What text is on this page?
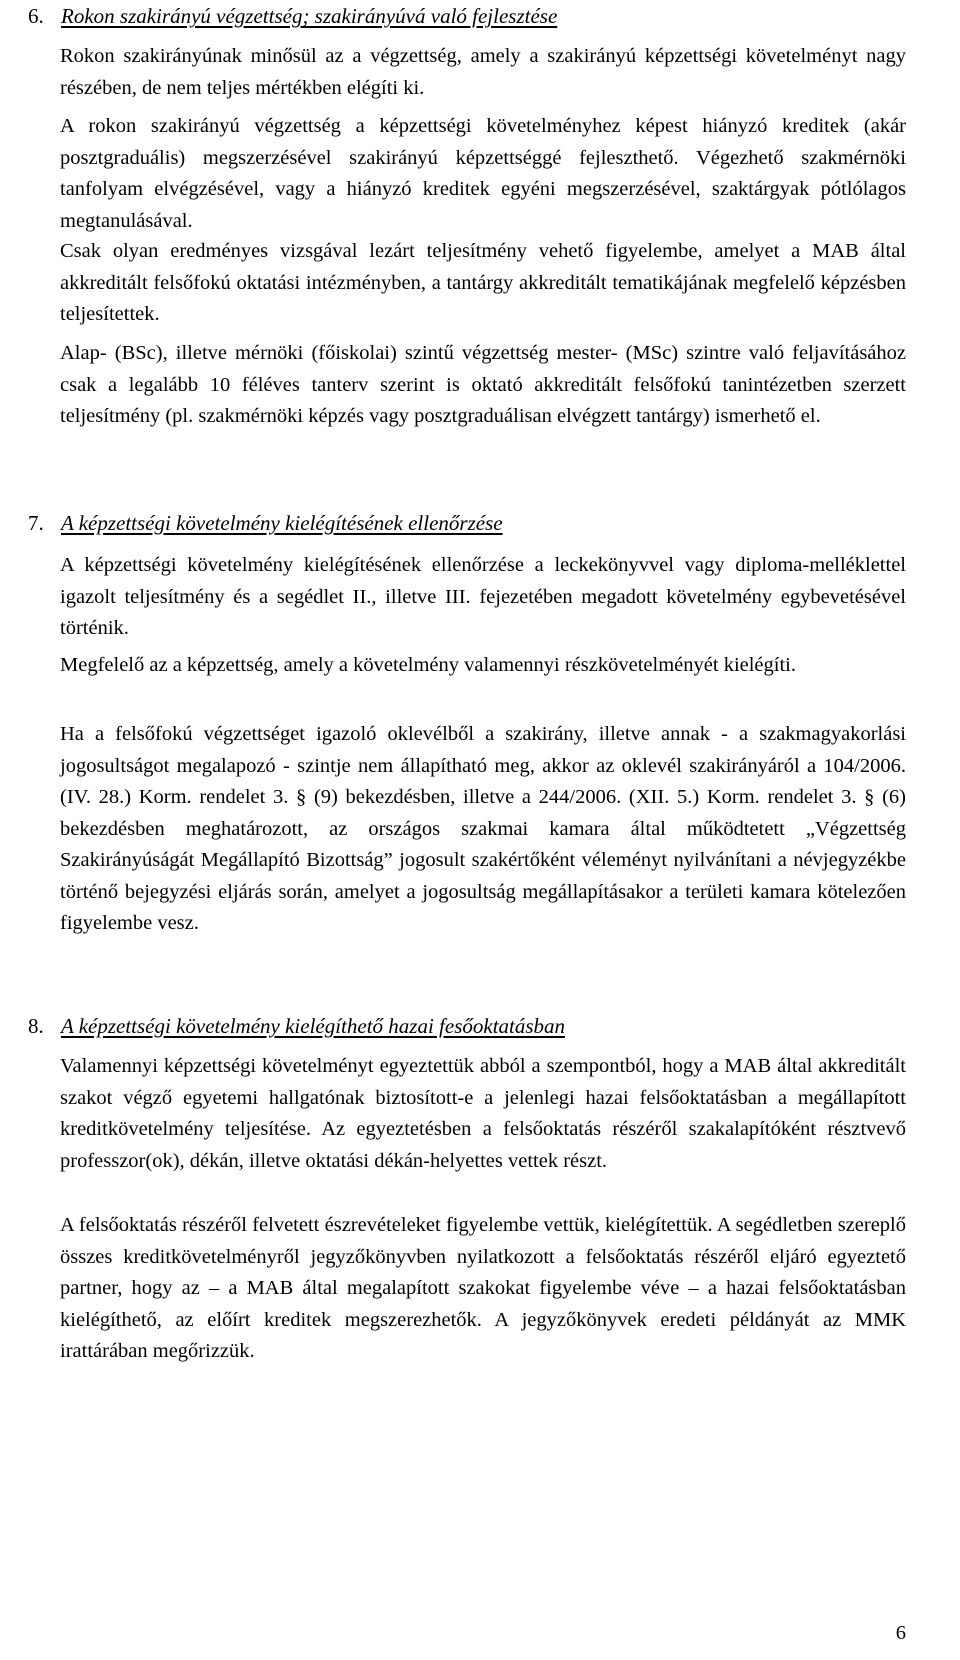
6. Rokon szakirányú végzettség; szakirányúvá való fejlesztése

Rokon szakirányúnak minősül az a végzettség, amely a szakirányú képzettségi követelményt nagy részében, de nem teljes mértékben elégíti ki.

A rokon szakirányú végzettség a képzettségi követelményhez képest hiányzó kreditek (akár posztgraduális) megszerzésével szakirányú képzettséggé fejleszthető. Végezhető szakmérnöki tanfolyam elvégzésével, vagy a hiányzó kreditek egyéni megszerzésével, szaktárgyak pótlólagos megtanulásával.

Csak olyan eredményes vizsgával lezárt teljesítmény vehető figyelembe, amelyet a MAB által akkreditált felsőfokú oktatási intézményben, a tantárgy akkreditált tematikájának megfelelő képzésben teljesítettek.

Alap- (BSc), illetve mérnöki (főiskolai) szintű végzettség mester- (MSc) szintre való feljavításához csak a legalább 10 féléves tanterv szerint is oktató akkreditált felsőfokú tanintézetben szerzett teljesítmény (pl. szakmérnöki képzés vagy posztgraduálisan elvégzett tantárgy) ismerhető el.

7. A képzettségi követelmény kielégítésének ellenőrzése

A képzettségi követelmény kielégítésének ellenőrzése a leckekönyvvel vagy diploma-melléklettel igazolt teljesítmény és a segédlet II., illetve III. fejezetében megadott követelmény egybevetésével történik.

Megfelelő az a képzettség, amely a követelmény valamennyi részkövetelményét kielégíti.

Ha a felsőfokú végzettséget igazoló oklevélből a szakirány, illetve annak - a szakmagyakorlási jogosultságot megalapozó - szintje nem állapítható meg, akkor az oklevél szakirányáról a 104/2006. (IV. 28.) Korm. rendelet 3. § (9) bekezdésben, illetve a 244/2006. (XII. 5.) Korm. rendelet 3. § (6) bekezdésben meghatározott, az országos szakmai kamara által működtetett „Végzettség Szakirányúságát Megállapító Bizottság” jogosult szakértőként véleményt nyilvánítani a névjegyzékbe történő bejegyzési eljárás során, amelyet a jogosultság megállapításakor a területi kamara kötelezően figyelembe vesz.

8. A képzettségi követelmény kielégíthető hazai fesőoktatásban

Valamennyi képzettségi követelményt egyeztettük abból a szempontból, hogy a MAB által akkreditált szakot végző egyetemi hallgatónak biztosított-e a jelenlegi hazai felsőoktatásban a megállapított kreditkövetelmény teljesítése. Az egyeztetésben a felsőoktatás részéről szakalapítóként résztvevő professzor(ok), dékán, illetve oktatási dékán-helyettes vettek részt.

A felsőoktatás részéről felvetett észrevételeket figyelembe vettük, kielégítettük. A segédletben szereplő összes kreditkövetelményről jegyzőkönyvben nyilatkozott a felsőoktatás részéről eljáró egyeztető partner, hogy az – a MAB által megalapított szakokat figyelembe véve – a hazai felsőoktatásban kielégíthető, az előírt kreditek megszerezhetők. A jegyzőkönyvek eredeti példányát az MMK irattárában megőrizzük.

6
